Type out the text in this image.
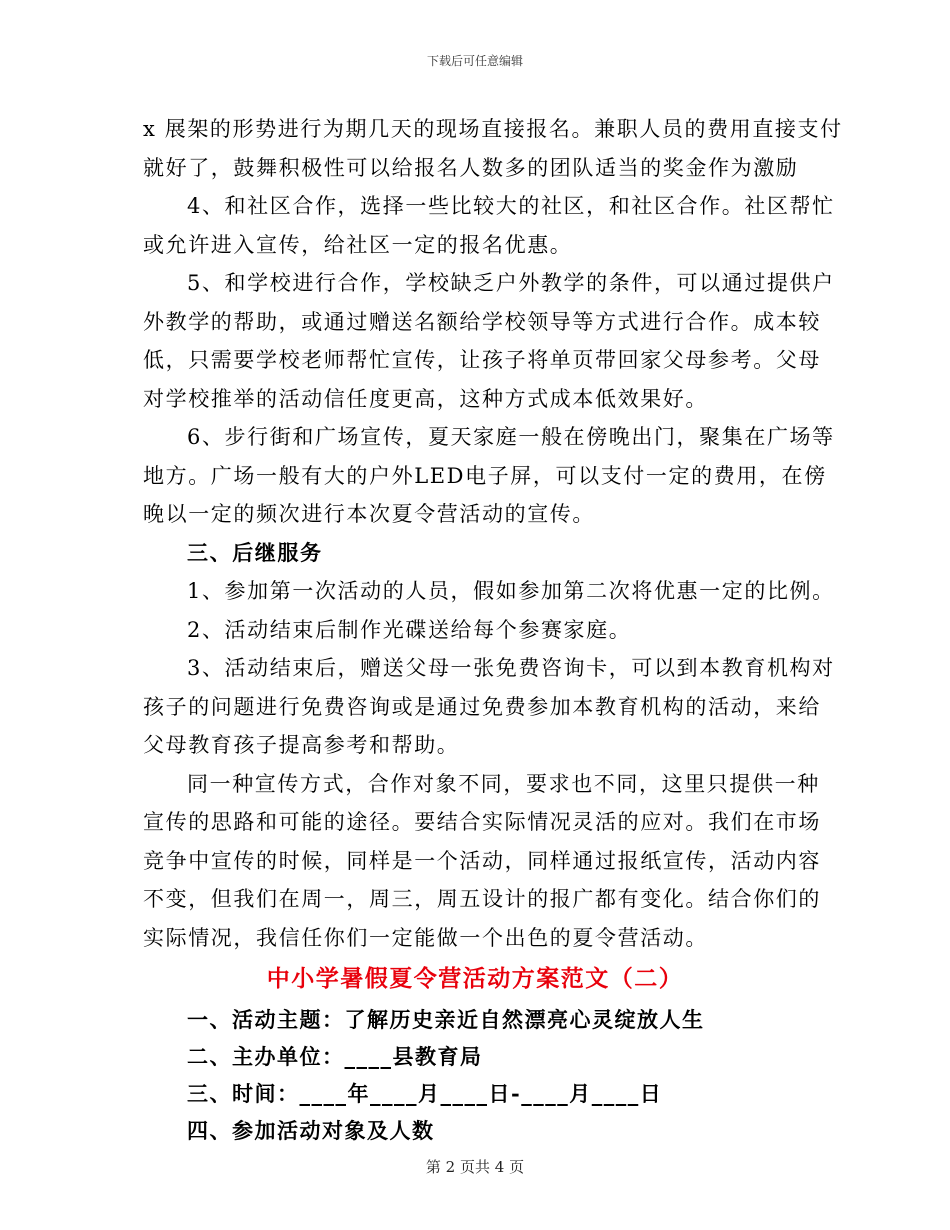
下载后可任意编辑
x 展架的形势进行为期几天的现场直接报名。兼职人员的费用直接支付
就好了，鼓舞积极性可以给报名人数多的团队适当的奖金作为激励
4、和社区合作，选择一些比较大的社区，和社区合作。社区帮忙
或允许进入宣传，给社区一定的报名优惠。
5、和学校进行合作，学校缺乏户外教学的条件，可以通过提供户
外教学的帮助，或通过赠送名额给学校领导等方式进行合作。成本较
低，只需要学校老师帮忙宣传，让孩子将单页带回家父母参考。父母
对学校推举的活动信任度更高，这种方式成本低效果好。
6、步行街和广场宣传，夏天家庭一般在傍晚出门，聚集在广场等
地方。广场一般有大的户外LED电子屏，可以支付一定的费用，在傍
晚以一定的频次进行本次夏令营活动的宣传。
三、后继服务
1、参加第一次活动的人员，假如参加第二次将优惠一定的比例。
2、活动结束后制作光碟送给每个参赛家庭。
3、活动结束后，赠送父母一张免费咨询卡，可以到本教育机构对
孩子的问题进行免费咨询或是通过免费参加本教育机构的活动，来给
父母教育孩子提高参考和帮助。
同一种宣传方式，合作对象不同，要求也不同，这里只提供一种
宣传的思路和可能的途径。要结合实际情况灵活的应对。我们在市场
竞争中宣传的时候，同样是一个活动，同样通过报纸宣传，活动内容
不变，但我们在周一，周三，周五设计的报广都有变化。结合你们的
实际情况，我信任你们一定能做一个出色的夏令营活动。
中小学暑假夏令营活动方案范文（二）
一、活动主题：了解历史亲近自然漂亮心灵绽放人生
二、主办单位：____县教育局
三、时间：____年____月____日-____月____日
四、参加活动对象及人数
第 2 页共 4 页
